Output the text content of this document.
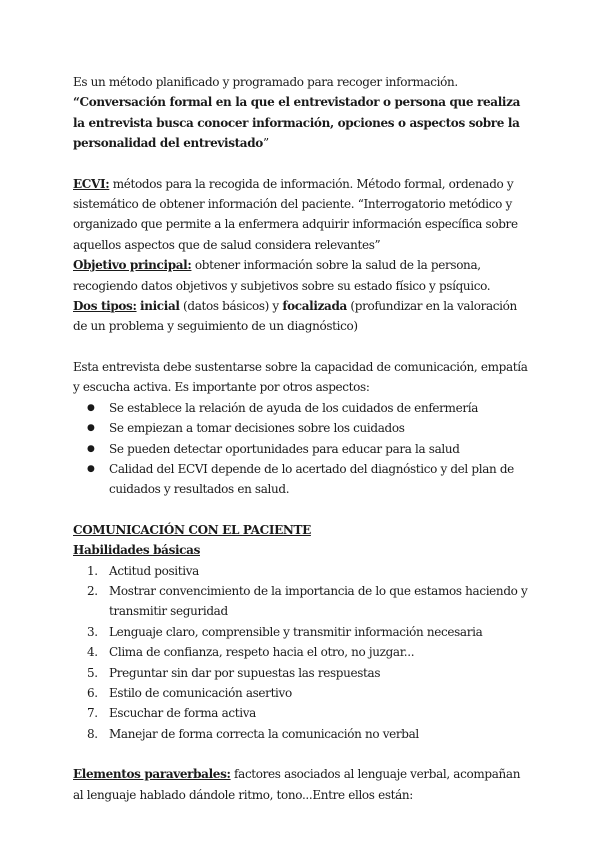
Es un método planificado y programado para recoger información. “Conversación formal en la que el entrevistador o persona que realiza la entrevista busca conocer información, opciones o aspectos sobre la personalidad del entrevistado”

ECVI: métodos para la recogida de información. Método formal, ordenado y sistemático de obtener información del paciente. “Interrogatorio metódico y organizado que permite a la enfermera adquirir información específica sobre aquellos aspectos que de salud considera relevantes”

Objetivo principal: obtener información sobre la salud de la persona, recogiendo datos objetivos y subjetivos sobre su estado físico y psíquico.

Dos tipos: inicial (datos básicos) y focalizada (profundizar en la valoración de un problema y seguimiento de un diagnóstico)

Esta entrevista debe sustentarse sobre la capacidad de comunicación, empatía y escucha activa. Es importante por otros aspectos:

● Se establece la relación de ayuda de los cuidados de enfermería
● Se empiezan a tomar decisiones sobre los cuidados
● Se pueden detectar oportunidades para educar para la salud
● Calidad del ECVI depende de lo acertado del diagnóstico y del plan de cuidados y resultados en salud.

COMUNICACIÓN CON EL PACIENTE

Habilidades básicas

1. Actitud positiva
2. Mostrar convencimiento de la importancia de lo que estamos haciendo y transmitir seguridad
3. Lenguaje claro, comprensible y transmitir información necesaria
4. Clima de confianza, respeto hacia el otro, no juzgar...
5. Preguntar sin dar por supuestas las respuestas
6. Estilo de comunicación asertivo
7. Escuchar de forma activa
8. Manejar de forma correcta la comunicación no verbal

Elementos paraverbales: factores asociados al lenguaje verbal, acompañan al lenguaje hablado dándole ritmo, tono...Entre ellos están:
